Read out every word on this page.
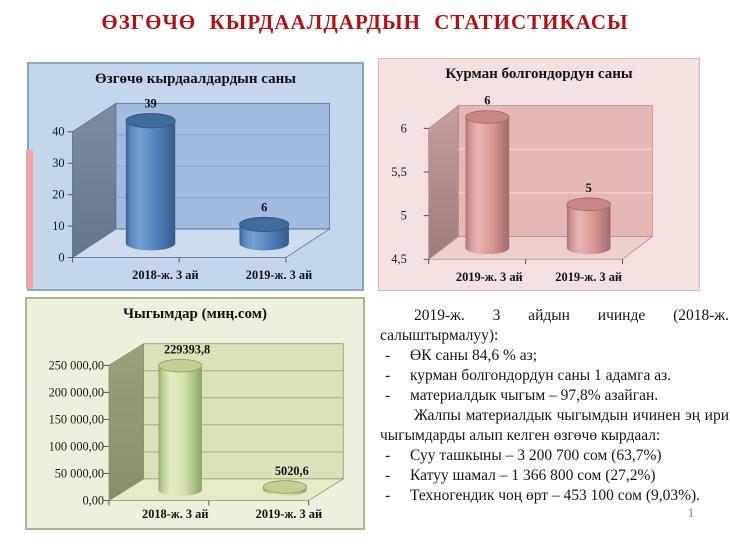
ӨЗГӨЧӨ КЫРДААЛДАРДЫН СТАТИСТИКАСЫ
Өзгөчө кырдаалдардын саны
0
10
20
30
40
39
2018-ж. 3 ай
6
2019-ж. 3 ай
Курман болгондордун саны
4,5
5
5,5
6
6
2019-ж. 3 ай
5
2019-ж. 3 ай
Чыгымдар (миң.сом)
0,00
50 000,00
100 000,00
150 000,00
200 000,00
250 000,00
229393,8
2018-ж. 3 ай
5020,6
2019-ж. 3 ай

2019-ж. 3 айдын ичинде (2018-ж. салыштырмалуу):

- ӨК саны 84,6 % аз;
- курман болгондордун саны 1 адамга аз.
- материалдык чыгым – 97,8% азайган.

Жалпы материалдык чыгымдын ичинен эң ири чыгымдарды алып келген өзгөчө кырдаал:

- Суу ташкыны – 3 200 700 сом (63,7%)
- Катуу шамал – 1 366 800 сом (27,2%)
- Техногендик чоң өрт – 453 100 сом (9,03%).
1
